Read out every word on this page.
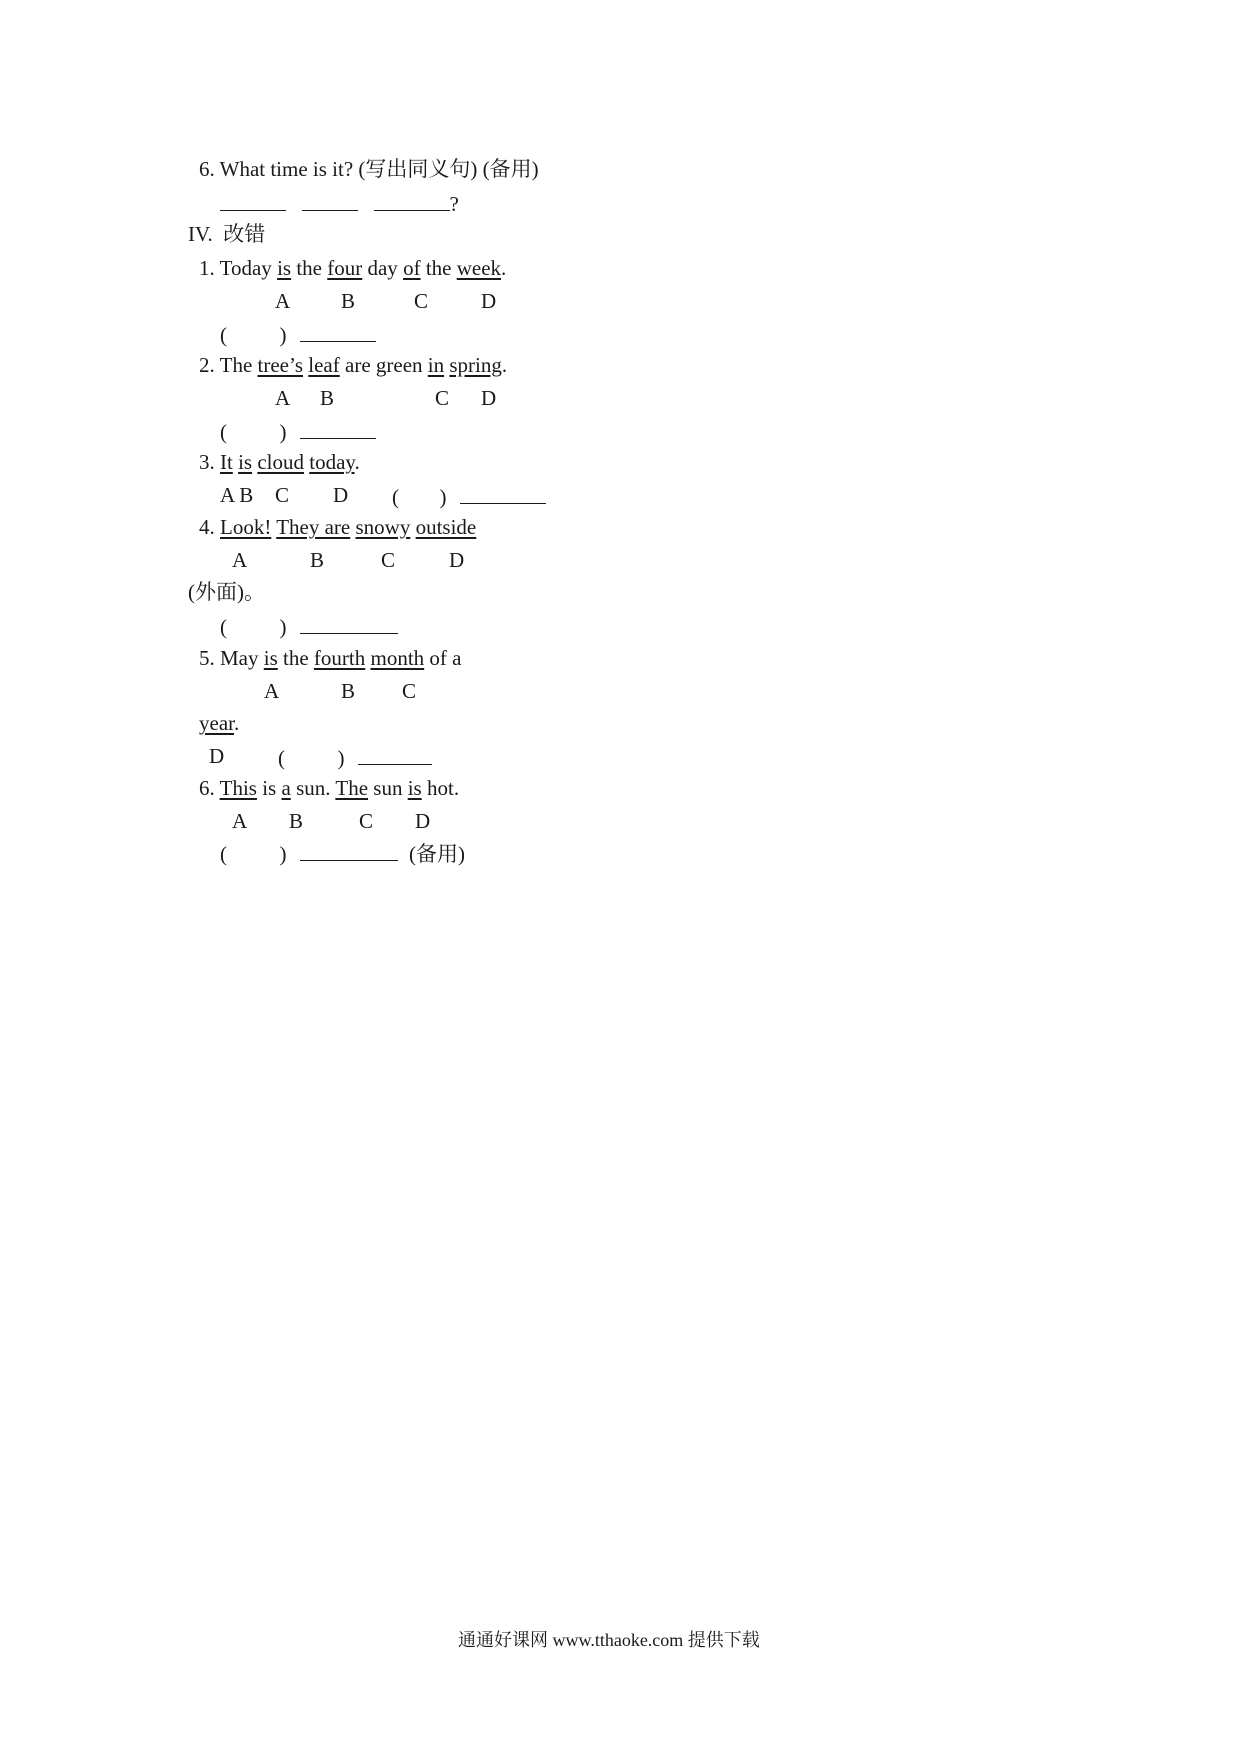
6. What time is it? (写出同义句) (备用)
?
IV. 改错
1. Today is the four day of the week.
A B	C	D
(	)
2. The tree’s leaf are green in spring.
A B	C D
(	)
3. It is cloud today.
A B C D ( )
4. Look! They are snowy outside
A	B	C	D
(外面)。
(	)
5. May is the fourth month of a
A	B C
year.
D	(	)
6. This is a sun. The sun is hot.
A B	C D
(	)	(备用)
通通好课网 www.tthaoke.com 提供下载
